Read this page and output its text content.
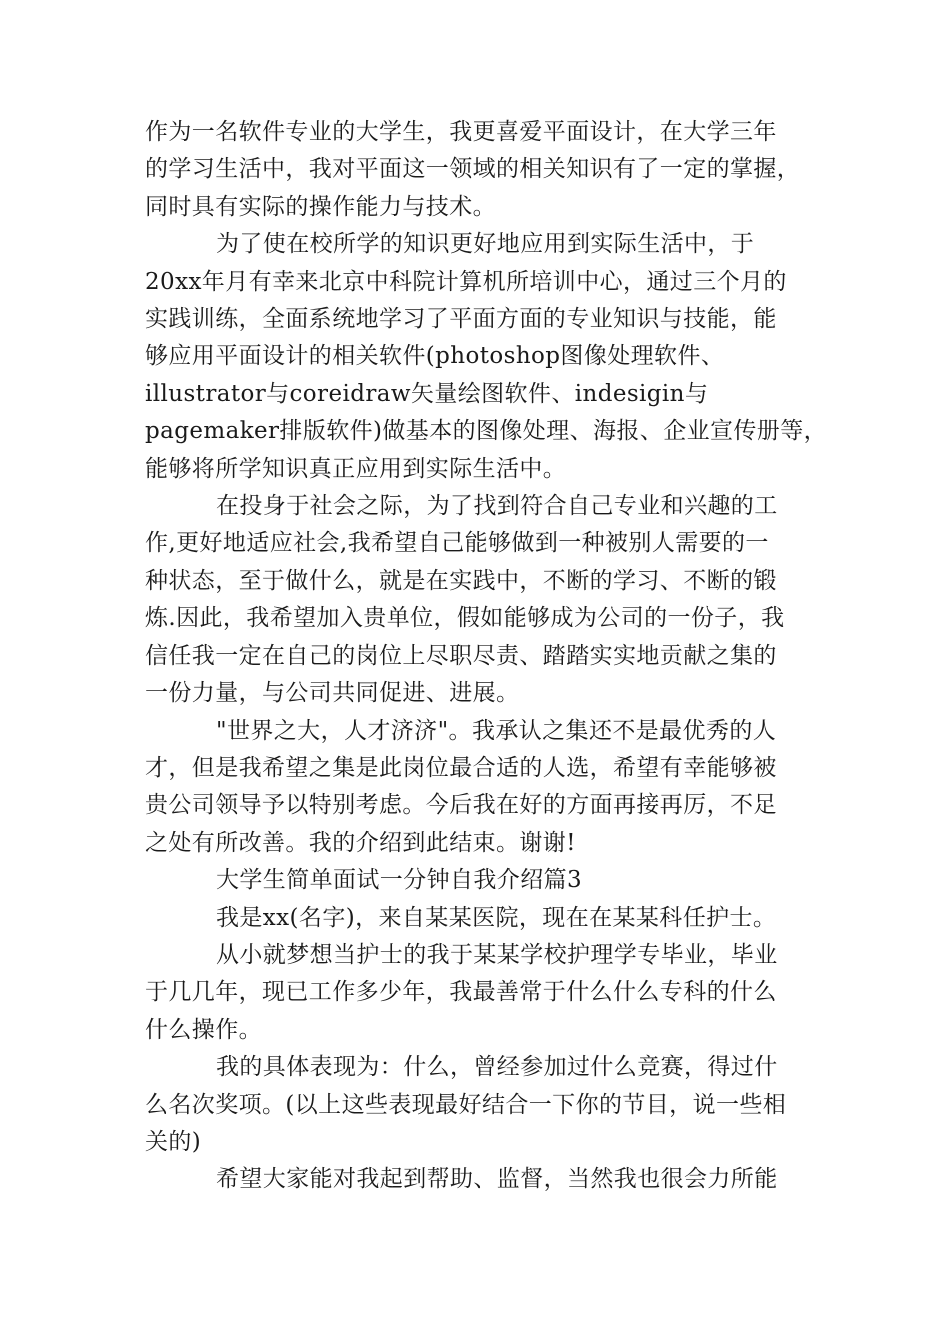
作为一名软件专业的大学生，我更喜爱平面设计，在大学三年
的学习生活中，我对平面这一领域的相关知识有了一定的掌握，
同时具有实际的操作能力与技术。

为了使在校所学的知识更好地应用到实际生活中，于
20xx年月有幸来北京中科院计算机所培训中心，通过三个月的
实践训练，全面系统地学习了平面方面的专业知识与技能，能
够应用平面设计的相关软件(photoshop图像处理软件、
illustrator与coreidraw矢量绘图软件、indesigin与
pagemaker排版软件)做基本的图像处理、海报、企业宣传册等，
能够将所学知识真正应用到实际生活中。

在投身于社会之际，为了找到符合自己专业和兴趣的工
作,更好地适应社会,我希望自己能够做到一种被别人需要的一
种状态，至于做什么，就是在实践中，不断的学习、不断的锻
炼.因此，我希望加入贵单位，假如能够成为公司的一份子，我
信任我一定在自己的岗位上尽职尽责、踏踏实实地贡献之集的
一份力量，与公司共同促进、进展。

"世界之大，人才济济"。我承认之集还不是最优秀的人
才，但是我希望之集是此岗位最合适的人选，希望有幸能够被
贵公司领导予以特别考虑。今后我在好的方面再接再厉，不足
之处有所改善。我的介绍到此结束。谢谢!

大学生简单面试一分钟自我介绍篇3

我是xx(名字)，来自某某医院，现在在某某科任护士。

从小就梦想当护士的我于某某学校护理学专毕业，毕业
于几几年，现已工作多少年，我最善常于什么什么专科的什么
什么操作。

我的具体表现为：什么，曾经参加过什么竞赛，得过什
么名次奖项。(以上这些表现最好结合一下你的节目，说一些相
关的)

希望大家能对我起到帮助、监督，当然我也很会力所能
